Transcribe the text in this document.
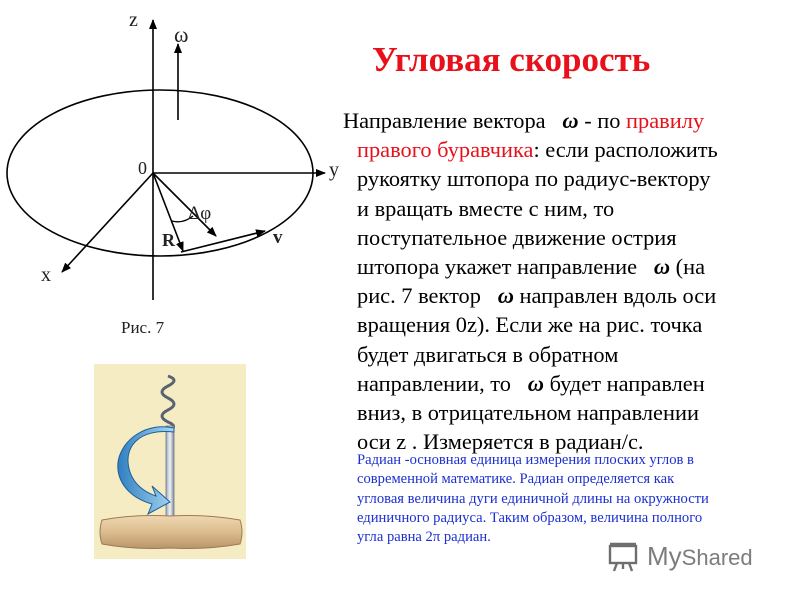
z
ω
0	y
x
R	v
Δφ
Рис. 7
Угловая скорость
Направление вектора ω - по правилу
правого буравчика: если расположить
рукоятку штопора по радиус-вектору
и вращать вместе с ним, то
поступательное движение острия
штопора укажет направление ω (на
рис. 7 вектор ω направлен вдоль оси
вращения 0z). Если же на рис. точка
будет двигаться в обратном
направлении, то ω будет направлен
вниз, в отрицательном направлении
оси z . Измеряется в радиан/с.
Радиан -основная единица измерения плоских углов в
современной математике. Радиан определяется как
угловая величина дуги единичной длины на окружности
единичного радиуса. Таким образом, величина полного
угла равна 2π радиан.
MyShared
